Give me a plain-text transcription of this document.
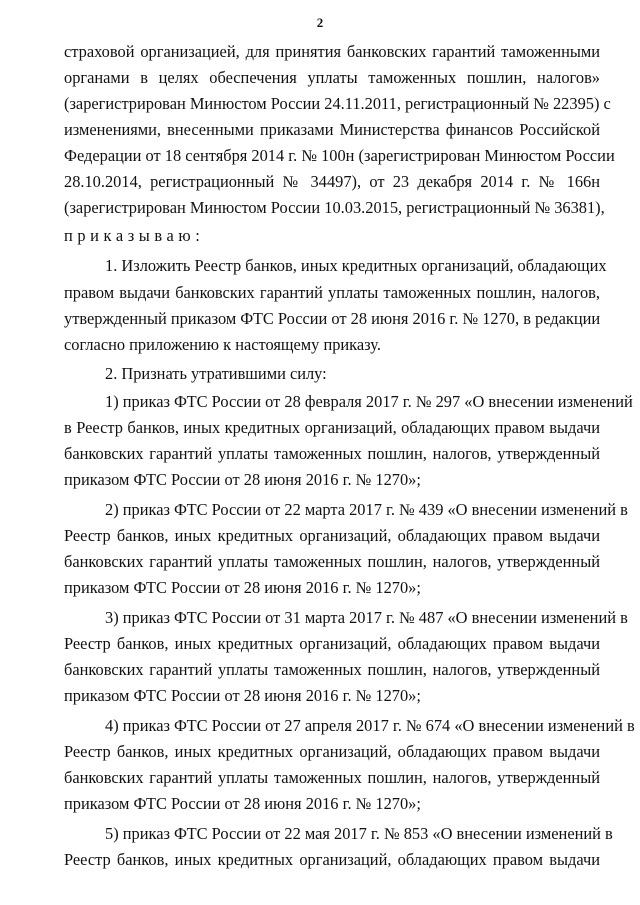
2
страховой организацией, для принятия банковских гарантий таможенными
органами в целях обеспечения уплаты таможенных пошлин, налогов»
(зарегистрирован Минюстом России 24.11.2011, регистрационный № 22395) с
изменениями, внесенными приказами Министерства финансов Российской
Федерации от 18 сентября 2014 г. № 100н (зарегистрирован Минюстом России
28.10.2014, регистрационный № 34497), от 23 декабря 2014 г. № 166н
(зарегистрирован Минюстом России 10.03.2015, регистрационный № 36381),
приказываю:
1. Изложить Реестр банков, иных кредитных организаций, обладающих
правом выдачи банковских гарантий уплаты таможенных пошлин, налогов,
утвержденный приказом ФТС России от 28 июня 2016 г. № 1270, в редакции
согласно приложению к настоящему приказу.
2. Признать утратившими силу:
1) приказ ФТС России от 28 февраля 2017 г. № 297 «О внесении изменений
в Реестр банков, иных кредитных организаций, обладающих правом выдачи
банковских гарантий уплаты таможенных пошлин, налогов, утвержденный
приказом ФТС России от 28 июня 2016 г. № 1270»;
2) приказ ФТС России от 22 марта 2017 г. № 439 «О внесении изменений в
Реестр банков, иных кредитных организаций, обладающих правом выдачи
банковских гарантий уплаты таможенных пошлин, налогов, утвержденный
приказом ФТС России от 28 июня 2016 г. № 1270»;
3) приказ ФТС России от 31 марта 2017 г. № 487 «О внесении изменений в
Реестр банков, иных кредитных организаций, обладающих правом выдачи
банковских гарантий уплаты таможенных пошлин, налогов, утвержденный
приказом ФТС России от 28 июня 2016 г. № 1270»;
4) приказ ФТС России от 27 апреля 2017 г. № 674 «О внесении изменений в
Реестр банков, иных кредитных организаций, обладающих правом выдачи
банковских гарантий уплаты таможенных пошлин, налогов, утвержденный
приказом ФТС России от 28 июня 2016 г. № 1270»;
5) приказ ФТС России от 22 мая 2017 г. № 853 «О внесении изменений в
Реестр банков, иных кредитных организаций, обладающих правом выдачи
